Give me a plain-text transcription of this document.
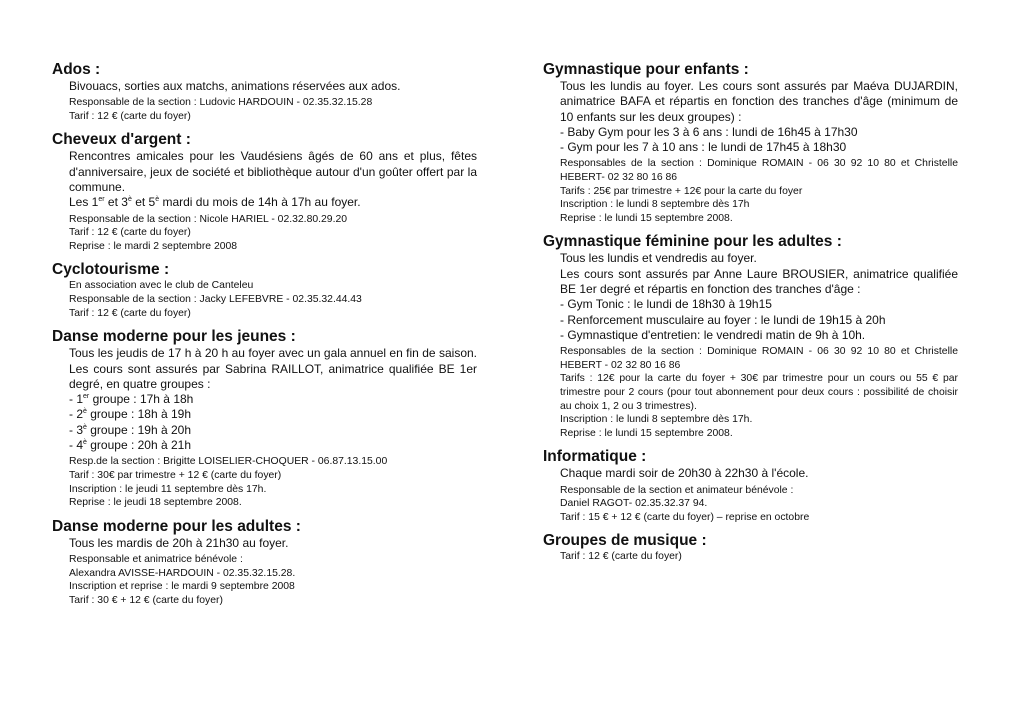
Ados :
Bivouacs, sorties aux matchs, animations réservées aux ados.
Responsable de la section : Ludovic HARDOUIN - 02.35.32.15.28
Tarif : 12 € (carte du foyer)
Cheveux d'argent :
Rencontres amicales pour les Vaudésiens âgés de 60 ans et plus, fêtes d'anniversaire, jeux de société et bibliothèque autour d'un goûter offert par la commune.
Les 1er et $3^è$ et $5^è$ mardi du mois de 14h à 17h au foyer.
Responsable de la section : Nicole HARIEL - 02.32.80.29.20
Tarif : 12 € (carte du foyer)
Reprise : le mardi 2 septembre 2008
Cyclotourisme :
En association avec le club de Canteleu
Responsable de la section : Jacky LEFEBVRE - 02.35.32.44.43
Tarif : 12 € (carte du foyer)
Danse moderne pour les jeunes :
Tous les jeudis de 17 h à 20 h au foyer avec un gala annuel en fin de saison. Les cours sont assurés par Sabrina RAILLOT, animatrice qualifiée BE 1er degré, en quatre groupes :
- 1er groupe : 17h à 18h
- $2^è$ groupe : 18h à 19h
- $3^è$ groupe : 19h à 20h
- $4^è$ groupe : 20h à 21h
Resp.de la section : Brigitte LOISELIER-CHOQUER - 06.87.13.15.00
Tarif : 30€ par trimestre + 12 € (carte du foyer)
Inscription : le jeudi 11 septembre dès 17h.
Reprise : le jeudi 18 septembre 2008.
Danse moderne pour les adultes :
Tous les mardis de 20h à 21h30 au foyer.
Responsable et animatrice bénévole :
Alexandra AVISSE-HARDOUIN - 02.35.32.15.28.
Inscription et reprise : le mardi 9 septembre 2008
Tarif : 30 € + 12 € (carte du foyer)
Gymnastique pour enfants :
Tous les lundis au foyer. Les cours sont assurés par Maéva DUJARDIN, animatrice BAFA et répartis en fonction des tranches d'âge (minimum de 10 enfants sur les deux groupes) :
- Baby Gym pour les 3 à 6 ans : lundi de 16h45 à 17h30
- Gym pour les 7 à 10 ans : le lundi de 17h45 à 18h30
Responsables de la section : Dominique ROMAIN - 06 30 92 10 80 et Christelle HEBERT- 02 32 80 16 86
Tarifs : 25€ par trimestre + 12€ pour la carte du foyer
Inscription : le lundi 8 septembre dès 17h
Reprise : le lundi 15 septembre 2008.
Gymnastique féminine pour les adultes :
Tous les lundis et vendredis au foyer.
Les cours sont assurés par Anne Laure BROUSIER, animatrice qualifiée BE 1er degré et répartis en fonction des tranches d'âge :
- Gym Tonic : le lundi de 18h30 à 19h15
- Renforcement musculaire au foyer : le lundi de 19h15 à 20h
- Gymnastique d'entretien: le vendredi matin de 9h à 10h.
Responsables de la section : Dominique ROMAIN - 06 30 92 10 80 et Christelle HEBERT - 02 32 80 16 86
Tarifs : 12€ pour la carte du foyer + 30€ par trimestre pour un cours ou 55 € par trimestre pour 2 cours (pour tout abonnement pour deux cours : possibilité de choisir au choix 1, 2 ou 3 trimestres).
Inscription : le lundi 8 septembre dès 17h.
Reprise : le lundi 15 septembre 2008.
Informatique :
Chaque mardi soir de 20h30 à 22h30 à l'école.
Responsable de la section et animateur bénévole :
Daniel RAGOT- 02.35.32.37 94.
Tarif : 15 € + 12 € (carte du foyer) – reprise en octobre
Groupes de musique :
Tarif : 12 € (carte du foyer)
